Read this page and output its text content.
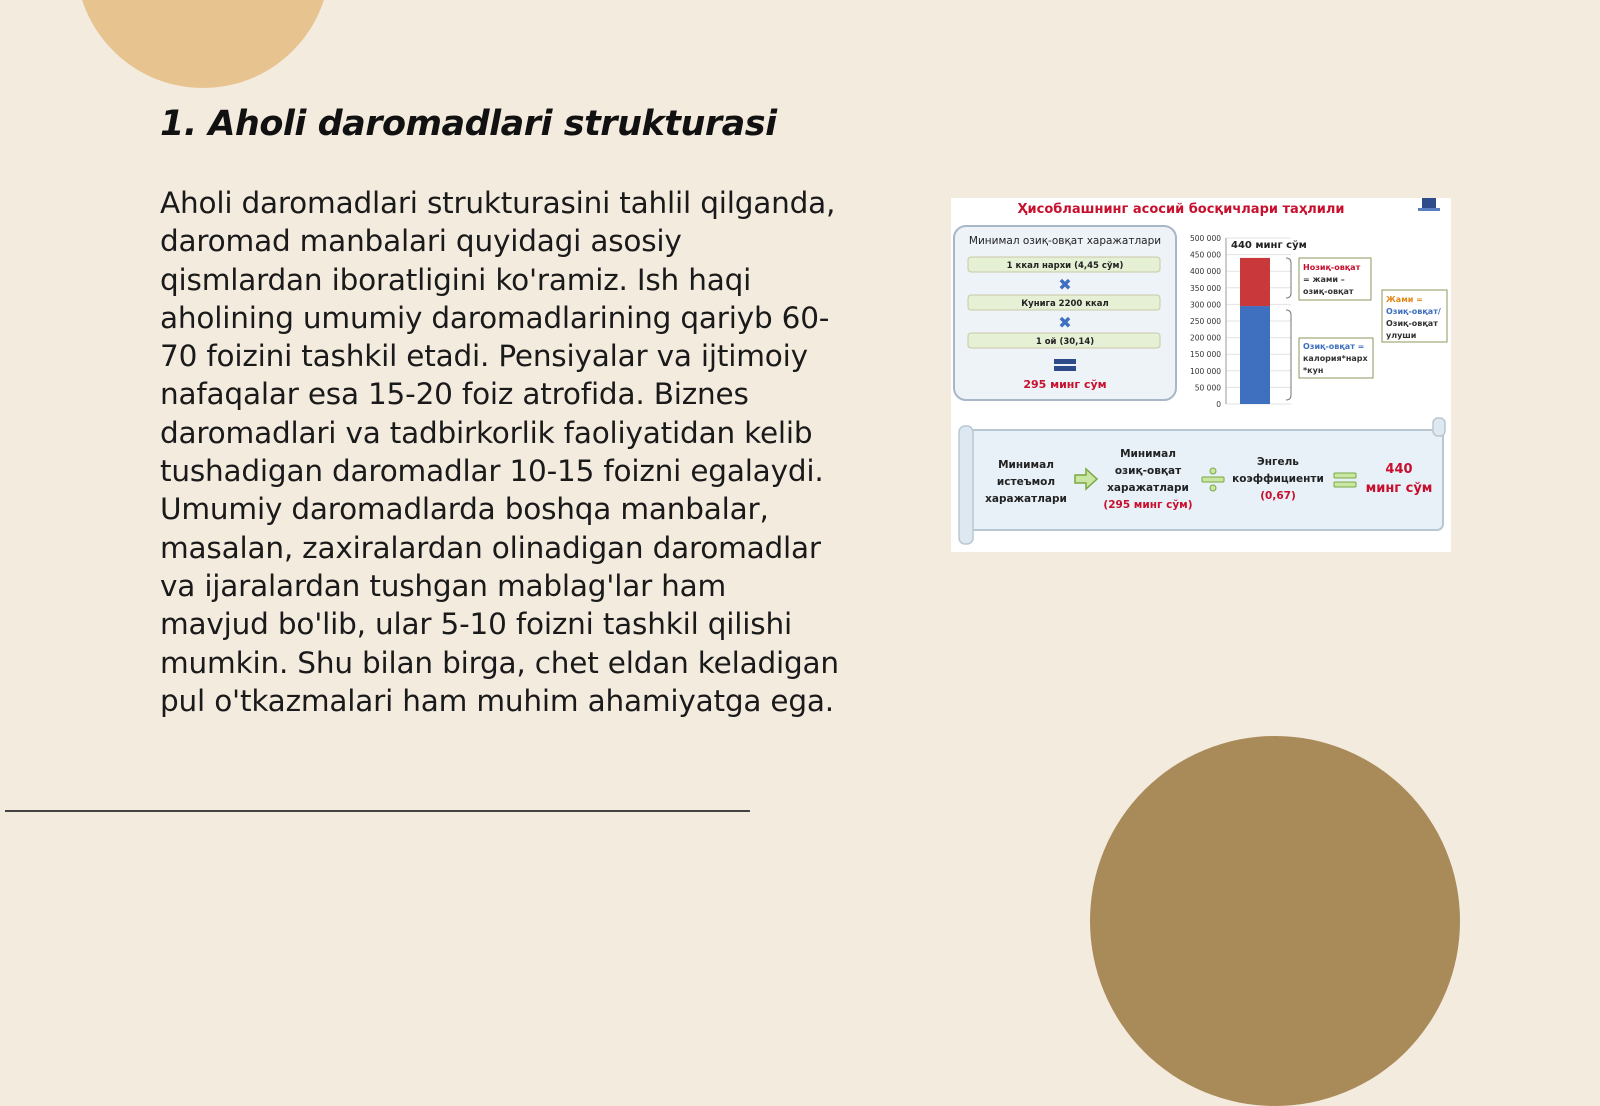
1. Aholi daromadlari strukturasi

Aholi daromadlari strukturasini tahlil qilganda, daromad manbalari quyidagi asosiy qismlardan iboratligini ko'ramiz. Ish haqi aholining umumiy daromadlarining qariyb 60-70 foizini tashkil etadi. Pensiyalar va ijtimoiy nafaqalar esa 15-20 foiz atrofida. Biznes daromadlari va tadbirkorlik faoliyatidan kelib tushadigan daromadlar 10-15 foizni egalaydi. Umumiy daromadlarda boshqa manbalar, masalan, zaxiralardan olinadigan daromadlar va ijaralardan tushgan mablag'lar ham mavjud bo'lib, ular 5-10 foizni tashkil qilishi mumkin. Shu bilan birga, chet eldan keladigan pul o'tkazmalari ham muhim ahamiyatga ega.

Ҳисоблашнинг асосий босқичлари таҳлили
Минимал озиқ-овқат харажатлари
1 ккал нархи (4,45 сўм)
✖
Кунига 2200 ккал
✖
1 ой (30,14)
295 минг сўм
500 000
450 000
400 000
350 000
300 000
250 000
200 000
150 000
100 000
50 000
0
440 минг сўм
Нозиқ-овқат
= жами –
озиқ-овқат
Озиқ-овқат =
калория*нарх
*кун
Жами =
Озиқ-овқат/
Озиқ-овқат
улуши
Минимал
истеъмол
харажатлари
Минимал
озиқ-овқат
харажатлари
(295 минг сўм)
Энгель
коэффициенти
(0,67)
440
минг сўм
